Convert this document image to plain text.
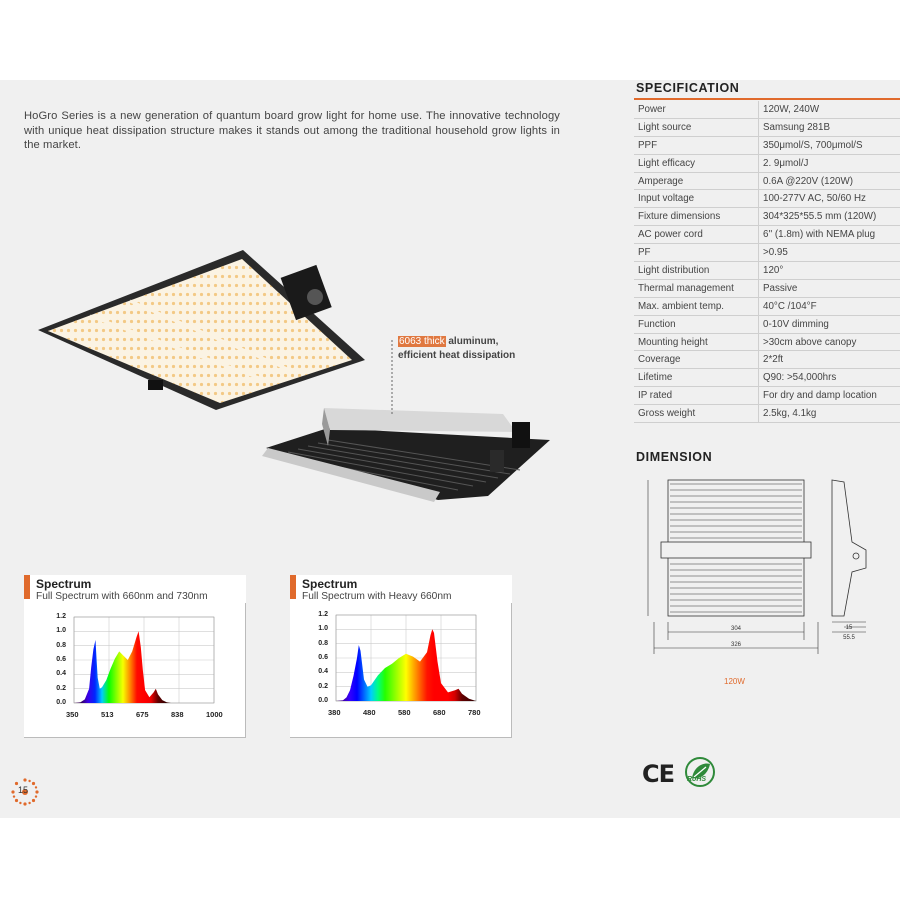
HoGro Series is a new generation of quantum board grow light for home use. The innovative technology with unique heat dissipation structure makes it stands out among the traditional household grow lights in the market.

6063 thick aluminum,
efficient heat dissipation
SPECIFICATION
Power	120W, 240W
Light source	Samsung 281B
PPF	350μmol/S, 700μmol/S
Light efficacy	2. 9μmol/J
Amperage	0.6A @220V (120W)
Input voltage	100-277V AC, 50/60 Hz
Fixture dimensions	304*325*55.5 mm (120W)
AC power cord	6'' (1.8m) with NEMA plug
PF	>0.95
Light distribution	120°
Thermal management	Passive
Max. ambient temp.	40°C /104°F
Function	0-10V dimming
Mounting height	>30cm above canopy
Coverage	2*2ft
Lifetime	Q90: >54,000hrs
IP rated	For dry and damp location
Gross weight	2.5kg, 4.1kg
DIMENSION
304
326
15
55.5
120W
Spectrum
Full Spectrum with 660nm and 730nm
0.0
0.2
0.4
0.6
0.8
1.0
1.2
350	513	675	838	1000
Spectrum
Full Spectrum with Heavy 660nm
0.0
0.2
0.4
0.6
0.8
1.0
1.2
380	480	580	680	780
CE RoHS
15
